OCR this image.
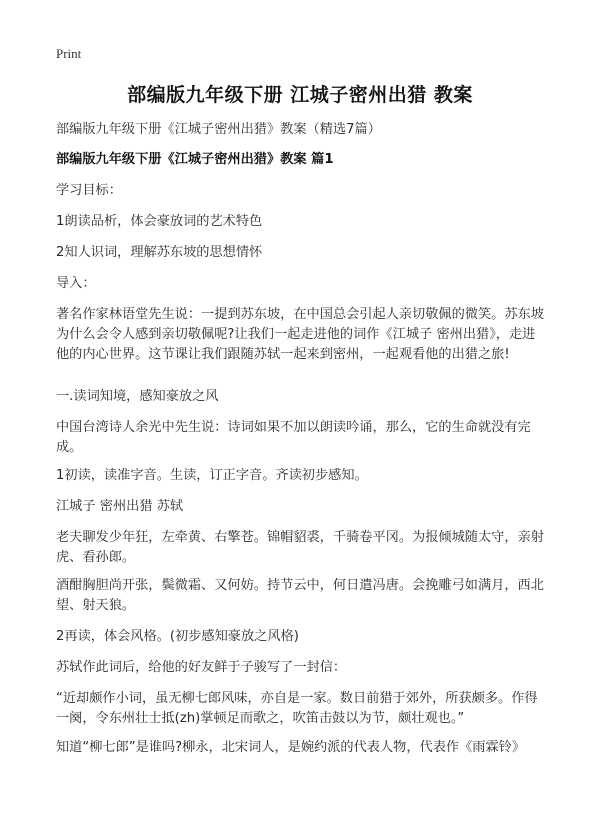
Print
部编版九年级下册 江城子密州出猎 教案
部编版九年级下册《江城子密州出猎》教案（精选7篇）
部编版九年级下册《江城子密州出猎》教案 篇1
学习目标：
1朗读品析，体会豪放词的艺术特色
2知人识词，理解苏东坡的思想情怀
导入：
著名作家林语堂先生说：一提到苏东坡，在中国总会引起人亲切敬佩的微笑。苏东坡为什么会令人感到亲切敬佩呢?让我们一起走进他的词作《江城子 密州出猎》，走进他的内心世界。这节课让我们跟随苏轼一起来到密州，一起观看他的出猎之旅!
一.读词知境，感知豪放之风
中国台湾诗人余光中先生说：诗词如果不加以朗读吟诵，那么，它的生命就没有完成。
1初读，读准字音。生读，订正字音。齐读初步感知。
江城子 密州出猎 苏轼
老夫聊发少年狂，左牵黄、右擎苍。锦帽貂裘，千骑卷平冈。为报倾城随太守，亲射虎、看孙郎。
酒酣胸胆尚开张，鬓微霜、又何妨。持节云中，何日遣冯唐。会挽雕弓如满月，西北望、射天狼。
2再读，体会风格。(初步感知豪放之风格)
苏轼作此词后，给他的好友鲜于子骏写了一封信：
“近却颇作小词，虽无柳七郎风味，亦自是一家。数日前猎于郊外，所获颇多。作得一阕，令东州壮士抵(zh)掌顿足而歌之，吹笛击鼓以为节，颇壮观也。”
知道“柳七郎”是谁吗?柳永，北宋词人，是婉约派的代表人物，代表作《雨霖铃》
